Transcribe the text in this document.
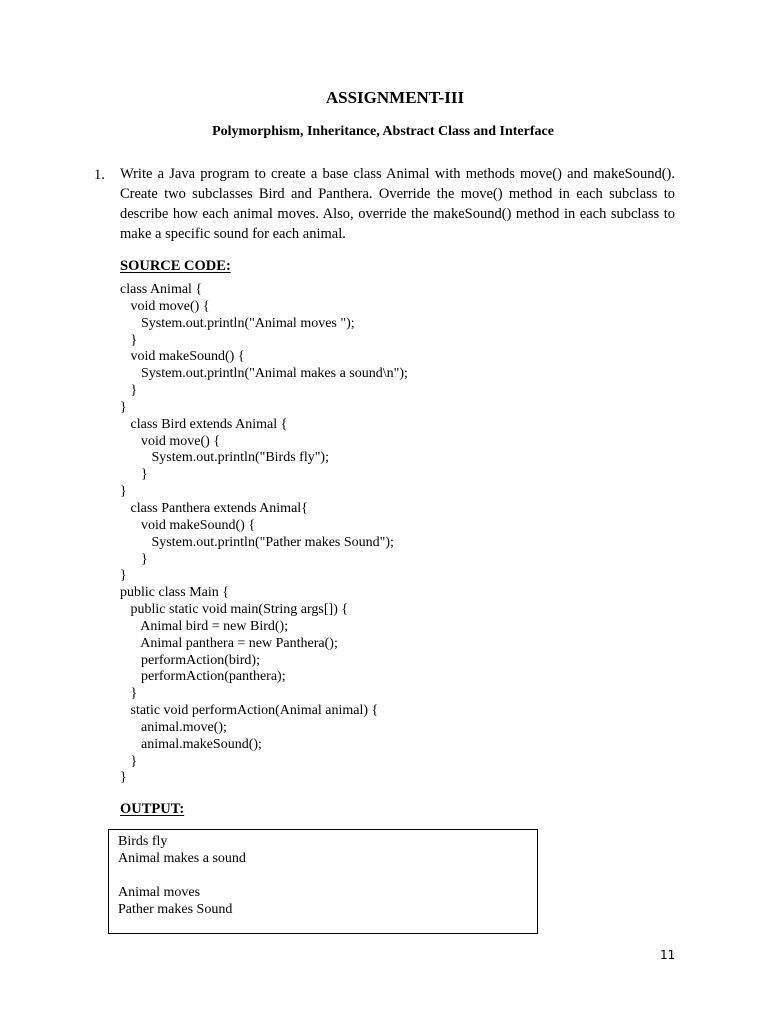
ASSIGNMENT-III
Polymorphism, Inheritance, Abstract Class and Interface
1. Write a Java program to create a base class Animal with methods move() and makeSound(). Create two subclasses Bird and Panthera. Override the move() method in each subclass to describe how each animal moves. Also, override the makeSound() method in each subclass to make a specific sound for each animal.
SOURCE CODE:
class Animal {
void move() {
System.out.println("Animal moves ");
}
void makeSound() {
System.out.println("Animal makes a sound\n");
}
}
class Bird extends Animal {
void move() {
System.out.println("Birds fly");
}
}
class Panthera extends Animal{
void makeSound() {
System.out.println("Pather makes Sound");
}
}
public class Main {
public static void main(String args[]) {
Animal bird = new Bird();
Animal panthera = new Panthera();
performAction(bird);
performAction(panthera);
}
static void performAction(Animal animal) {
animal.move();
animal.makeSound();
}
}
OUTPUT:
Birds fly
Animal makes a sound
Animal moves
Pather makes Sound
11
